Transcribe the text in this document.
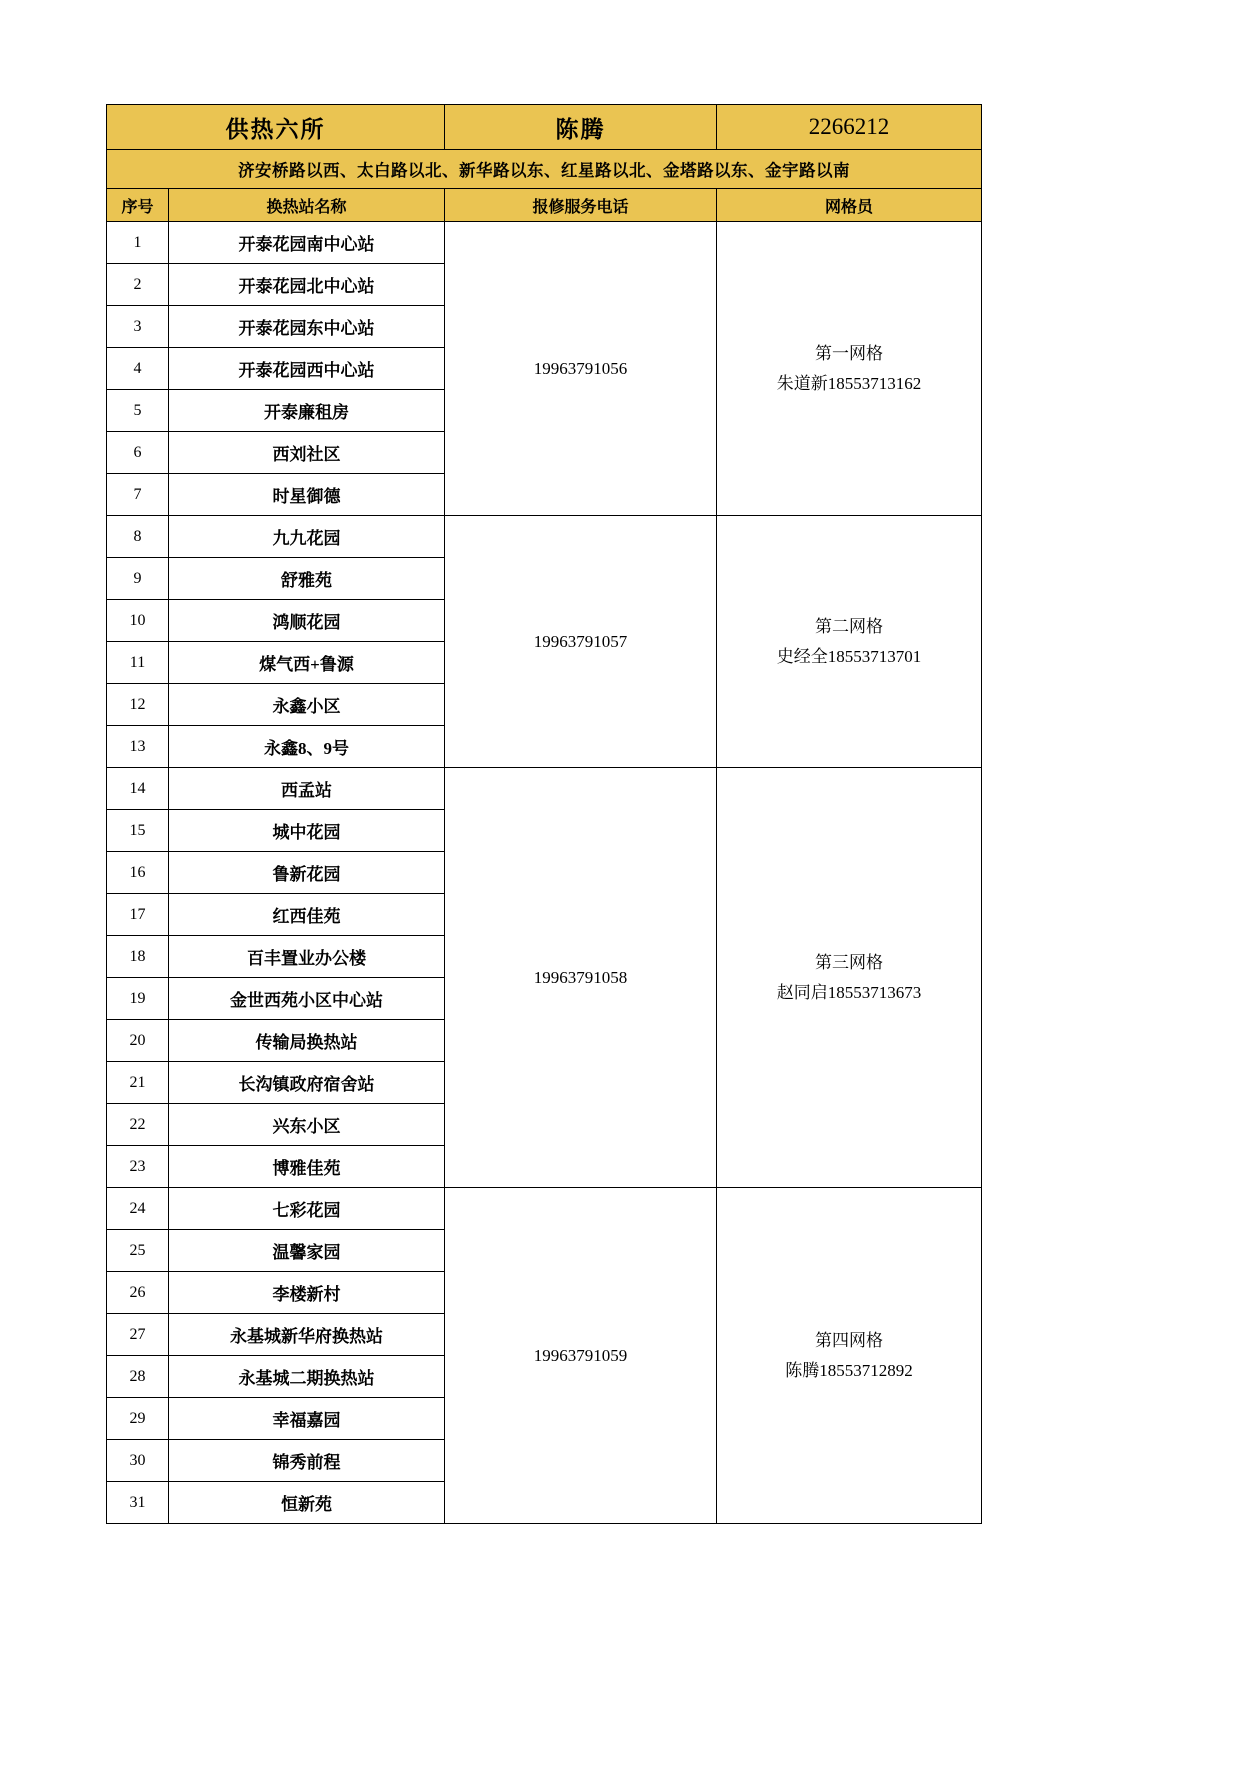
供热六所		陈腾	2266212
济安桥路以西、太白路以北、新华路以东、红星路以北、金塔路以东、金宇路以南			
序号	换热站名称	报修服务电话	网格员
1	开泰花园南中心站	19963791056	第一网格
朱道新18553713162

2	开泰花园北中心站		
3	开泰花园东中心站		
4	开泰花园西中心站		
5	开泰廉租房		
6	西刘社区		
7	时星御德		
8	九九花园	19963791057	第二网格
史经全18553713701

9	舒雅苑		
10	鸿顺花园		
11	煤气西+鲁源		
12	永鑫小区		
13	永鑫8、9号		
14	西孟站	19963791058	第三网格
赵同启18553713673

15	城中花园		
16	鲁新花园		
17	红西佳苑		
18	百丰置业办公楼		
19	金世西苑小区中心站		
20	传输局换热站		
21	长沟镇政府宿舍站		
22	兴东小区		
23	博雅佳苑		
24	七彩花园	19963791059	第四网格
陈腾18553712892

25	温馨家园		
26	李楼新村		
27	永基城新华府换热站		
28	永基城二期换热站		
29	幸福嘉园		
30	锦秀前程		
31	恒新苑		
